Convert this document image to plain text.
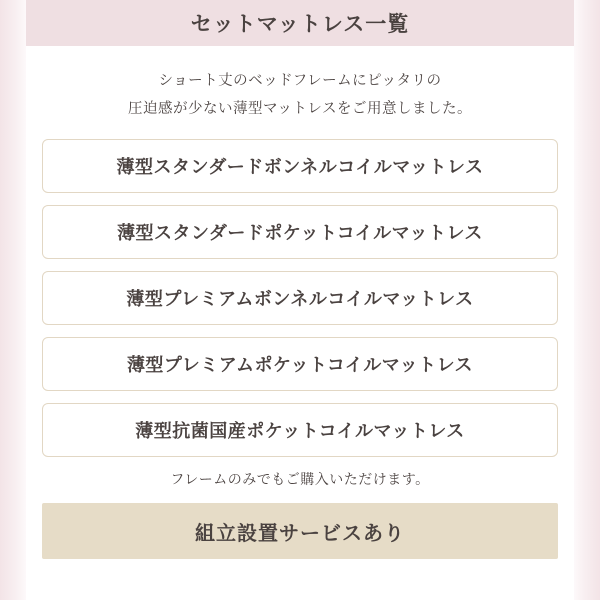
セットマットレス一覧
ショート丈のベッドフレームにピッタリの
圧迫感が少ない薄型マットレスをご用意しました。
薄型スタンダードボンネルコイルマットレス
薄型スタンダードポケットコイルマットレス
薄型プレミアムボンネルコイルマットレス
薄型プレミアムポケットコイルマットレス
薄型抗菌国産ポケットコイルマットレス
フレームのみでもご購入いただけます。
組立設置サービスあり
